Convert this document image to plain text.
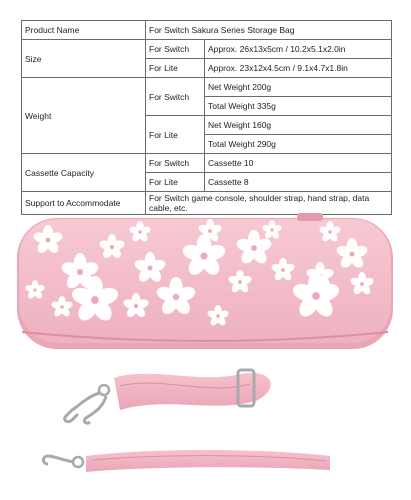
Product Name	For Switch Sakura Series Storage Bag	
Size	For Switch	Approx. 26x13x5cm / 10.2x5.1x2.0in
	For Lite	Approx. 23x12x4.5cm / 9.1x4.7x1.8in
Weight	For Switch	Net Weight 200g
		Total Weight 335g
	For Lite	Net Weight 160g
		Total Weight 290g
Cassette Capacity	For Switch	Cassette 10
	For Lite	Cassette 8
Support to Accommodate	For Switch game console, shoulder strap, hand strap, data cable, etc.	
